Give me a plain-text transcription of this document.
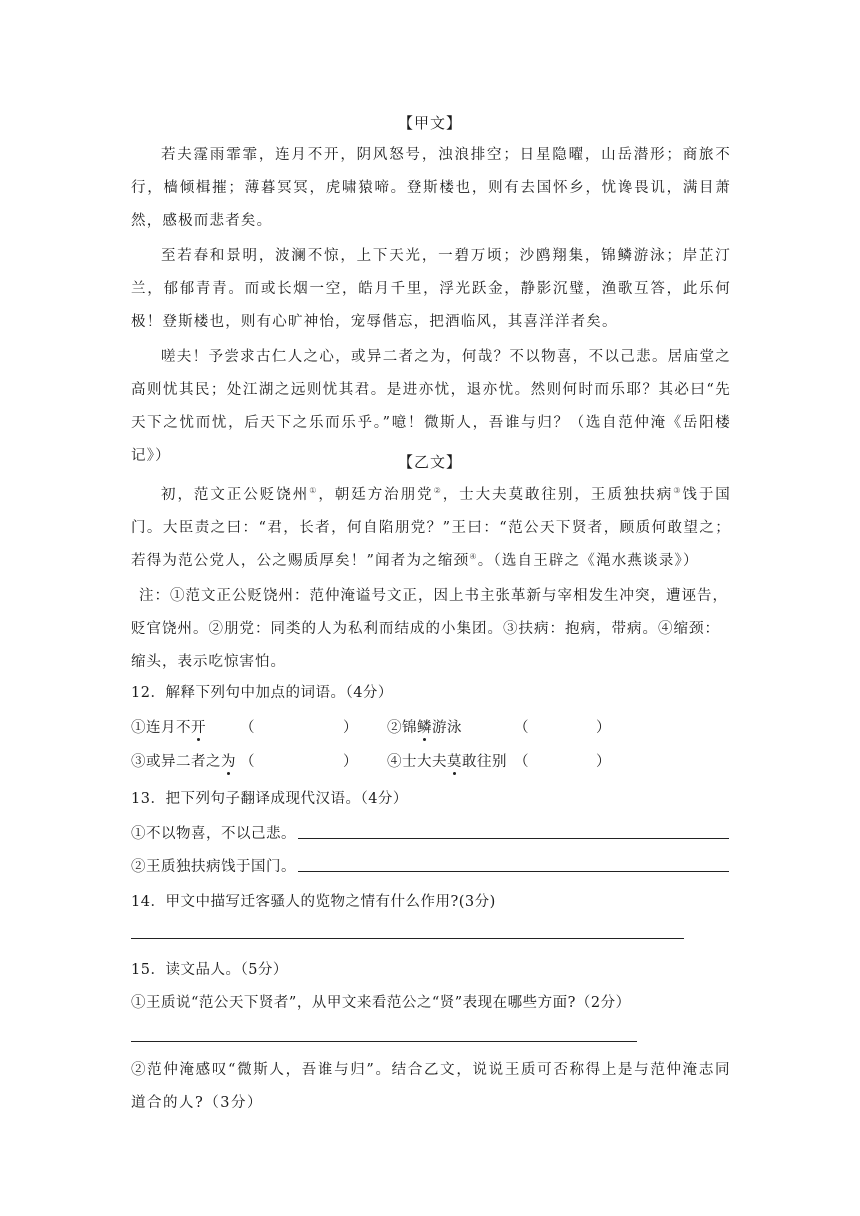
【甲文】
若夫霪雨霏霏，连月不开，阴风怒号，浊浪排空；日星隐曜，山岳潜形；商旅不行，樯倾楫摧；薄暮冥冥，虎啸猿啼。登斯楼也，则有去国怀乡，忧谗畏讥，满目萧然，感极而悲者矣。
至若春和景明，波澜不惊，上下天光，一碧万顷；沙鸥翔集，锦鳞游泳；岸芷汀兰，郁郁青青。而或长烟一空，皓月千里，浮光跃金，静影沉璧，渔歌互答，此乐何极！登斯楼也，则有心旷神怡，宠辱偕忘，把酒临风，其喜洋洋者矣。
嗟夫！予尝求古仁人之心，或异二者之为，何哉？不以物喜，不以己悲。居庙堂之高则忧其民；处江湖之远则忧其君。是进亦忧，退亦忧。然则何时而乐耶？其必曰“先天下之忧而忧，后天下之乐而乐乎。”噫！微斯人，吾谁与归？（选自范仲淹《岳阳楼记》）	【乙文】
初，范文正公贬饶州①，朝廷方治朋党②，士大夫莫敢往别，王质独扶病③饯于国门。大臣责之曰：“君，长者，何自陷朋党？”王曰：“范公天下贤者，顾质何敢望之；若得为范公党人，公之赐质厚矣！”闻者为之缩颈④。（选自王辟之《渑水燕谈录》）
注：①范文正公贬饶州：范仲淹谥号文正，因上书主张革新与宰相发生冲突，遭诬告，贬官饶州。②朋党：同类的人为私利而结成的小集团。③扶病：抱病，带病。④缩颈：缩头，表示吃惊害怕。
12．解释下列句中加点的词语。（4分）
①连月不开 （	） ②锦鳞游泳	（	）
③或异二者之为 （	） ④士大夫莫敢往别 （	）
13．把下列句子翻译成现代汉语。（4分）
①不以物喜，不以己悲。
②王质独扶病饯于国门。
14．甲文中描写迁客骚人的览物之情有什么作用?(3分)
15．读文品人。（5分）
①王质说“范公天下贤者”，从甲文来看范公之“贤”表现在哪些方面?（2分）
②范仲淹感叹“微斯人，吾谁与归”。结合乙文，说说王质可否称得上是与范仲淹志同道合的人?（3分）
